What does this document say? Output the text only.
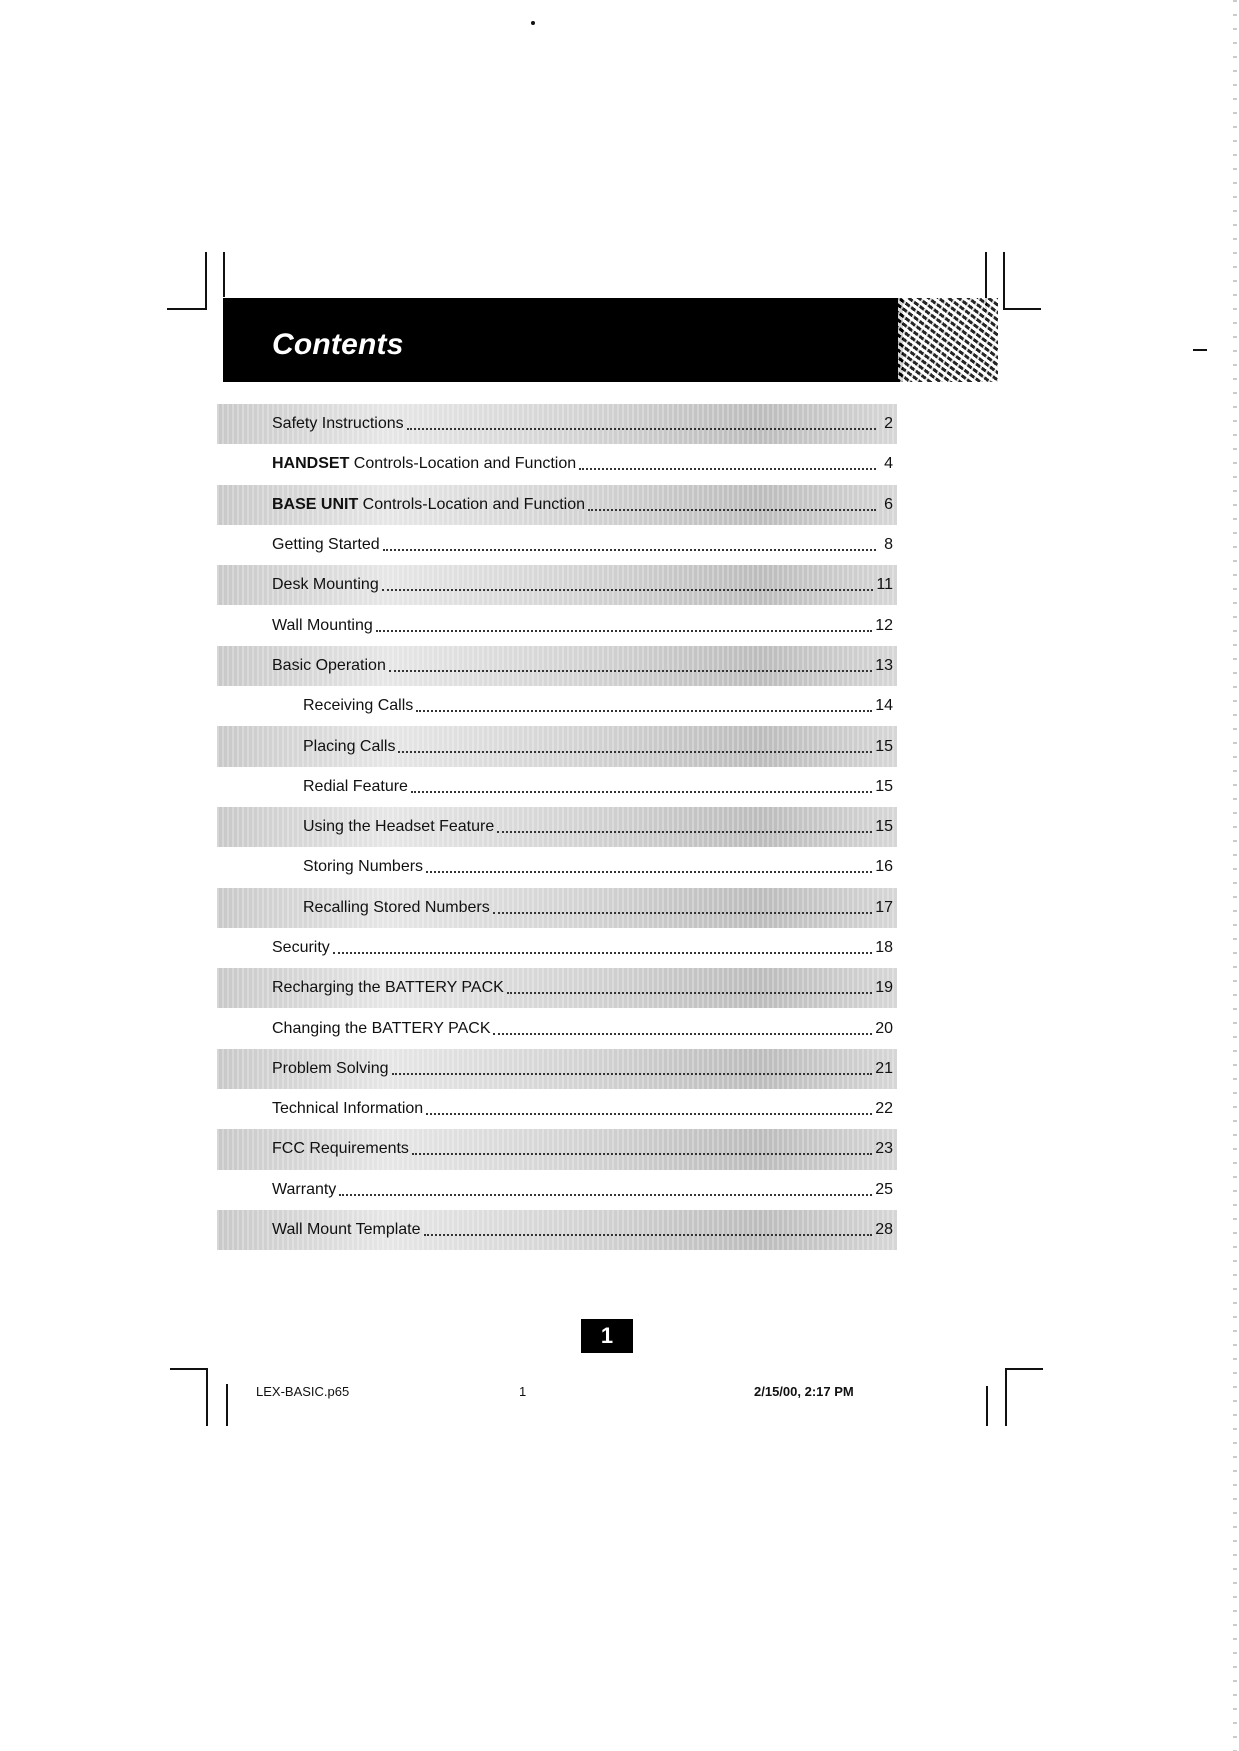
Contents
Safety Instructions	2
HANDSET Controls-Location and Function	4
BASE UNIT Controls-Location and Function	6
Getting Started	8
Desk Mounting	11
Wall Mounting	12
Basic Operation	13
Receiving Calls	14
Placing Calls	15
Redial Feature	15
Using the Headset Feature	15
Storing Numbers	16
Recalling Stored Numbers	17
Security	18
Recharging the BATTERY PACK	19
Changing the BATTERY PACK	20
Problem Solving	21
Technical Information	22
FCC Requirements	23
Warranty	25
Wall Mount Template	28
1
LEX-BASIC.p65	1	2/15/00, 2:17 PM
